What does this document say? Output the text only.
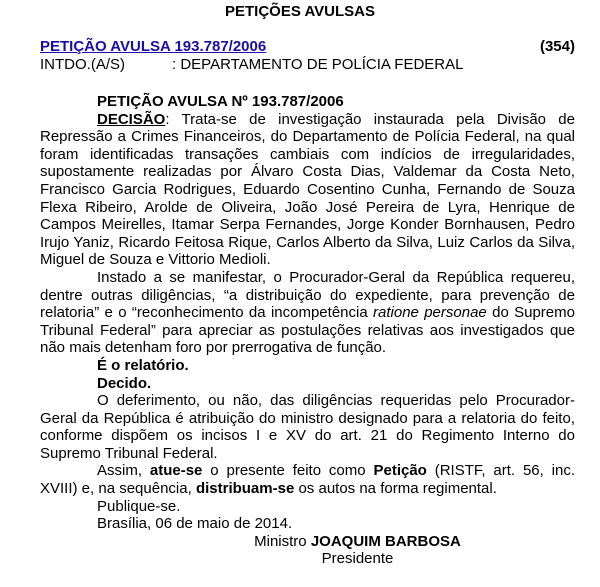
PETIÇÕES AVULSAS
PETIÇÃO AVULSA 193.787/2006	(354)
INTDO.(A/S)	: DEPARTAMENTO DE POLÍCIA FEDERAL
PETIÇÃO AVULSA Nº 193.787/2006

DECISÃO: Trata-se de investigação instaurada pela Divisão de Repressão a Crimes Financeiros, do Departamento de Polícia Federal, na qual foram identificadas transações cambiais com indícios de irregularidades, supostamente realizadas por Álvaro Costa Dias, Valdemar da Costa Neto, Francisco Garcia Rodrigues, Eduardo Cosentino Cunha, Fernando de Souza Flexa Ribeiro, Arolde de Oliveira, João José Pereira de Lyra, Henrique de Campos Meirelles, Itamar Serpa Fernandes, Jorge Konder Bornhausen, Pedro Irujo Yaniz, Ricardo Feitosa Rique, Carlos Alberto da Silva, Luiz Carlos da Silva, Miguel de Souza e Vittorio Medioli.

Instado a se manifestar, o Procurador-Geral da República requereu, dentre outras diligências, “a distribuição do expediente, para prevenção de relatoria” e o “reconhecimento da incompetência ratione personae do Supremo Tribunal Federal” para apreciar as postulações relativas aos investigados que não mais detenham foro por prerrogativa de função.

É o relatório.
Decido.

O deferimento, ou não, das diligências requeridas pelo Procurador-Geral da República é atribuição do ministro designado para a relatoria do feito, conforme dispõem os incisos I e XV do art. 21 do Regimento Interno do Supremo Tribunal Federal.

Assim, atue-se o presente feito como Petição (RISTF, art. 56, inc. XVIII) e, na sequência, distribuam-se os autos na forma regimental.

Publique-se.
Brasília, 06 de maio de 2014.
Ministro JOAQUIM BARBOSA
Presidente
